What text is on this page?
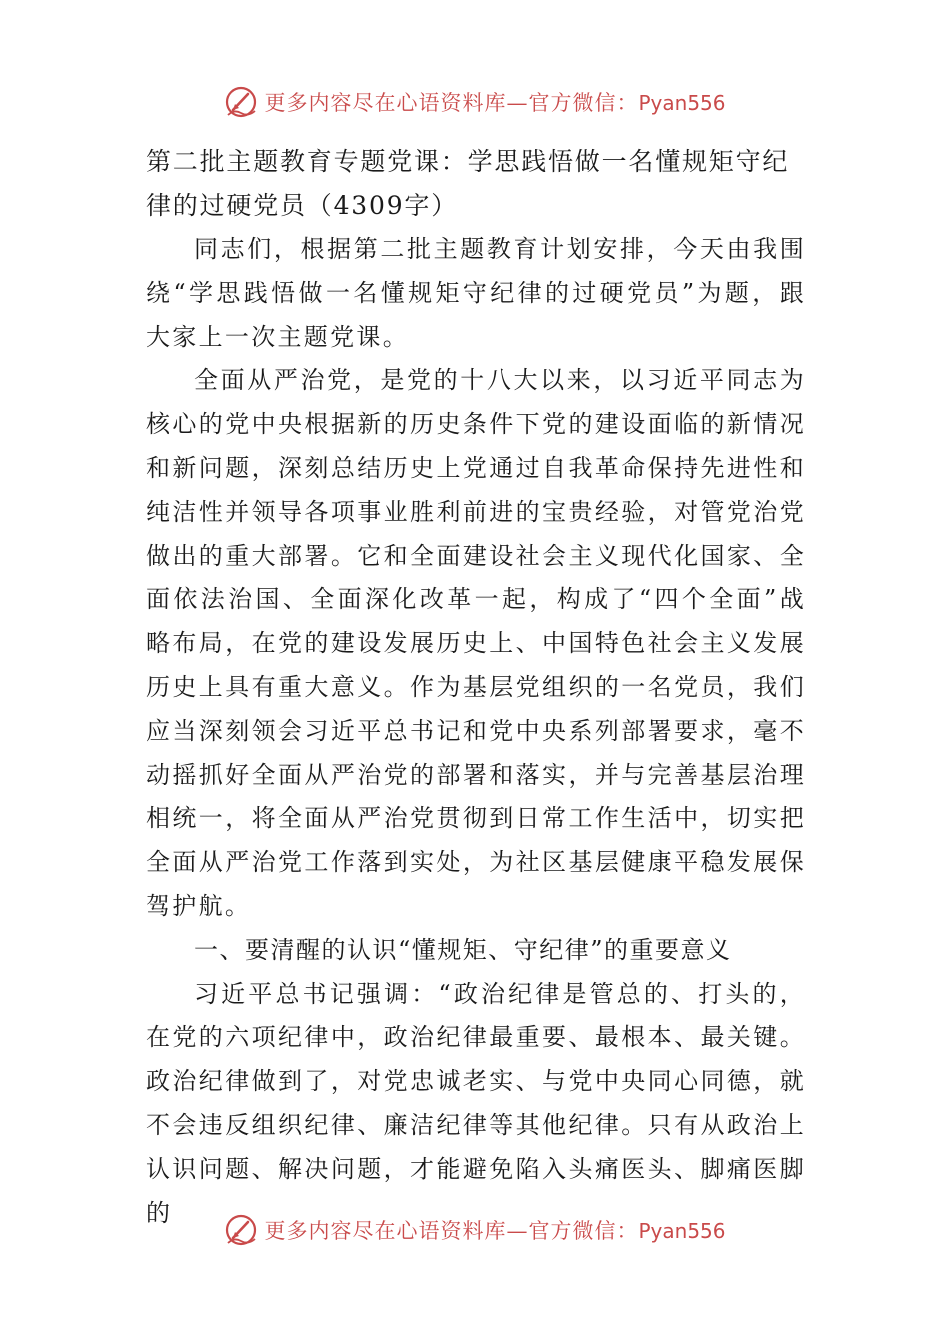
更多内容尽在心语资料库—官方微信：Pyan556
第二批主题教育专题党课：学思践悟做一名懂规矩守纪律的过硬党员（4309字）

同志们，根据第二批主题教育计划安排，今天由我围绕“学思践悟做一名懂规矩守纪律的过硬党员”为题，跟大家上一次主题党课。

全面从严治党，是党的十八大以来，以习近平同志为核心的党中央根据新的历史条件下党的建设面临的新情况和新问题，深刻总结历史上党通过自我革命保持先进性和纯洁性并领导各项事业胜利前进的宝贵经验，对管党治党做出的重大部署。它和全面建设社会主义现代化国家、全面依法治国、全面深化改革一起，构成了“四个全面”战略布局，在党的建设发展历史上、中国特色社会主义发展历史上具有重大意义。作为基层党组织的一名党员，我们应当深刻领会习近平总书记和党中央系列部署要求，毫不动摇抓好全面从严治党的部署和落实，并与完善基层治理相统一，将全面从严治党贯彻到日常工作生活中，切实把全面从严治党工作落到实处，为社区基层健康平稳发展保驾护航。

一、要清醒的认识“懂规矩、守纪律”的重要意义

习近平总书记强调：“政治纪律是管总的、打头的，在党的六项纪律中，政治纪律最重要、最根本、最关键。政治纪律做到了，对党忠诚老实、与党中央同心同德，就不会违反组织纪律、廉洁纪律等其他纪律。只有从政治上认识问题、解决问题，才能避免陷入头痛医头、脚痛医脚的

更多内容尽在心语资料库—官方微信：Pyan556
